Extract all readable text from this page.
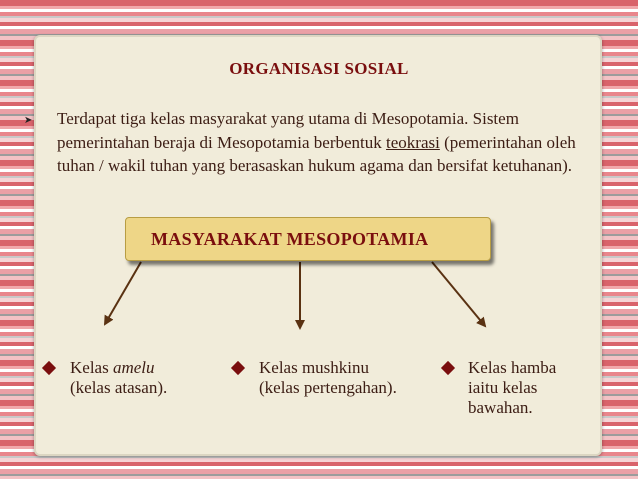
ORGANISASI SOSIAL
➤ Terdapat tiga kelas masyarakat yang utama di Mesopotamia. Sistem pemerintahan beraja di Mesopotamia berbentuk teokrasi (pemerintahan oleh tuhan / wakil tuhan yang berasaskan hukum agama dan bersifat ketuhanan).
MASYARAKAT MESOPOTAMIA
Kelas amelu
(kelas atasan).
Kelas mushkinu
(kelas pertengahan).
Kelas hamba
iaitu kelas
bawahan.
